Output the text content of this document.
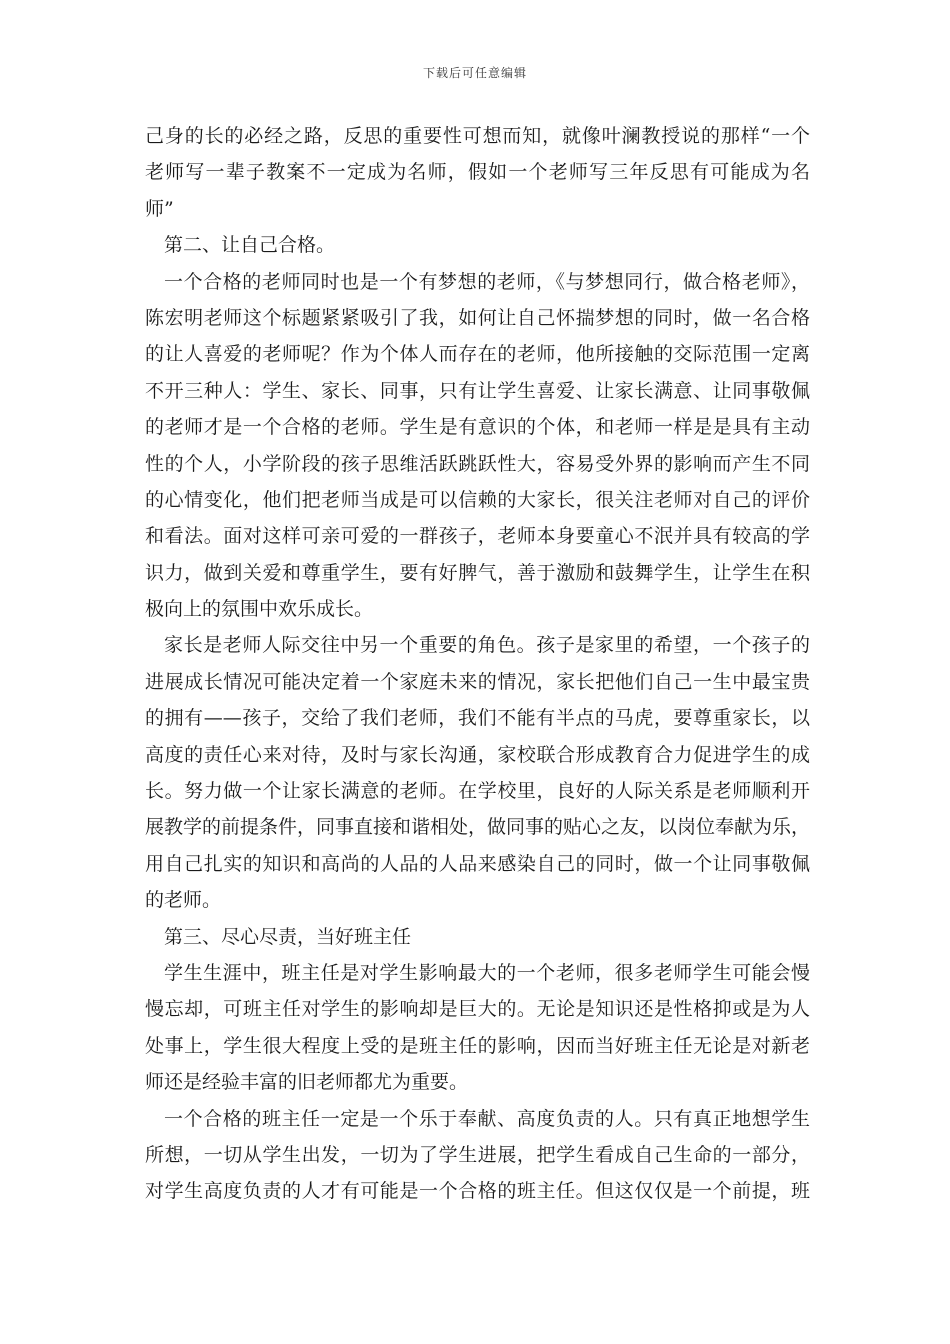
下载后可任意编辑
己身的长的必经之路，反思的重要性可想而知，就像叶澜教授说的那样“一个
老师写一辈子教案不一定成为名师，假如一个老师写三年反思有可能成为名
师”
第二、让自己合格。
一个合格的老师同时也是一个有梦想的老师，《与梦想同行，做合格老师》，
陈宏明老师这个标题紧紧吸引了我，如何让自己怀揣梦想的同时，做一名合格
的让人喜爱的老师呢？作为个体人而存在的老师，他所接触的交际范围一定离
不开三种人：学生、家长、同事，只有让学生喜爱、让家长满意、让同事敬佩
的老师才是一个合格的老师。学生是有意识的个体，和老师一样是是具有主动
性的个人，小学阶段的孩子思维活跃跳跃性大，容易受外界的影响而产生不同
的心情变化，他们把老师当成是可以信赖的大家长，很关注老师对自己的评价
和看法。面对这样可亲可爱的一群孩子，老师本身要童心不泯并具有较高的学
识力，做到关爱和尊重学生，要有好脾气，善于激励和鼓舞学生，让学生在积
极向上的氛围中欢乐成长。
家长是老师人际交往中另一个重要的角色。孩子是家里的希望，一个孩子的
进展成长情况可能决定着一个家庭未来的情况，家长把他们自己一生中最宝贵
的拥有——孩子，交给了我们老师，我们不能有半点的马虎，要尊重家长，以
高度的责任心来对待，及时与家长沟通，家校联合形成教育合力促进学生的成
长。努力做一个让家长满意的老师。在学校里，良好的人际关系是老师顺利开
展教学的前提条件，同事直接和谐相处，做同事的贴心之友，以岗位奉献为乐，
用自己扎实的知识和高尚的人品的人品来感染自己的同时，做一个让同事敬佩
的老师。
第三、尽心尽责，当好班主任
学生生涯中，班主任是对学生影响最大的一个老师，很多老师学生可能会慢
慢忘却，可班主任对学生的影响却是巨大的。无论是知识还是性格抑或是为人
处事上，学生很大程度上受的是班主任的影响，因而当好班主任无论是对新老
师还是经验丰富的旧老师都尤为重要。
一个合格的班主任一定是一个乐于奉献、高度负责的人。只有真正地想学生
所想，一切从学生出发，一切为了学生进展，把学生看成自己生命的一部分，
对学生高度负责的人才有可能是一个合格的班主任。但这仅仅是一个前提，班
